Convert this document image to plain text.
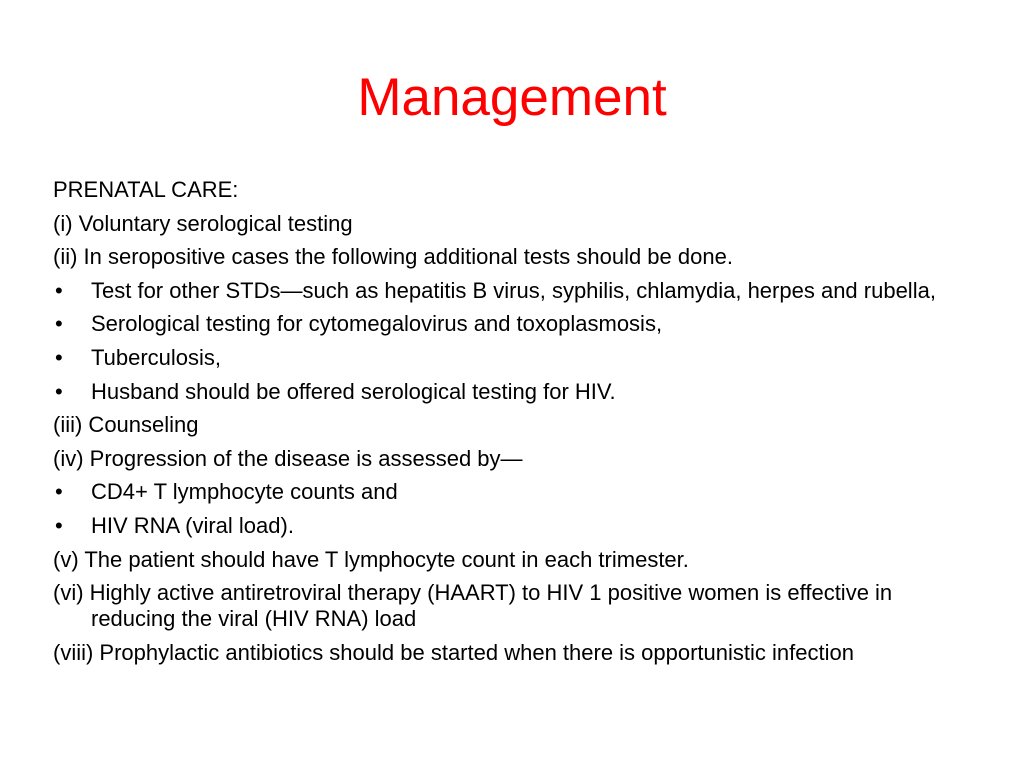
Management
PRENATAL CARE:
(i) Voluntary serological testing
(ii) In seropositive cases the following additional tests should be done.
•	Test for other STDs—such as hepatitis B virus, syphilis, chlamydia, herpes and rubella,
•	Serological testing for cytomegalovirus and toxoplasmosis,
•	Tuberculosis,
•	Husband should be offered serological testing for HIV.
(iii) Counseling
(iv) Progression of the disease is assessed by—
•	CD4+ T lymphocyte counts and
•	HIV RNA (viral load).
(v) The patient should have T lymphocyte count in each trimester.
(vi) Highly active antiretroviral therapy (HAART) to HIV 1 positive women is effective in reducing the viral (HIV RNA) load
(viii) Prophylactic antibiotics should be started when there is opportunistic infection
